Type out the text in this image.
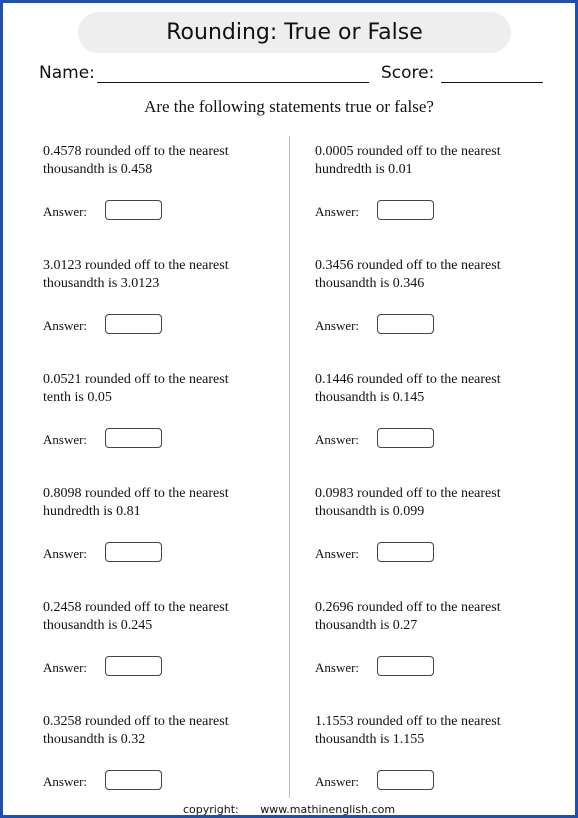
Rounding: True or False
Name:	Score:
Are the following statements true or false?
0.4578 rounded off to the nearest
thousandth is 0.458
Answer:
3.0123 rounded off to the nearest
thousandth is 3.0123
Answer:
0.0521 rounded off to the nearest
tenth is 0.05
Answer:
0.8098 rounded off to the nearest
hundredth is 0.81
Answer:
0.2458 rounded off to the nearest
thousandth is 0.245
Answer:
0.3258 rounded off to the nearest
thousandth is 0.32
Answer:
0.0005 rounded off to the nearest
hundredth is 0.01
Answer:
0.3456 rounded off to the nearest
thousandth is 0.346
Answer:
0.1446 rounded off to the nearest
thousandth is 0.145
Answer:
0.0983 rounded off to the nearest
thousandth is 0.099
Answer:
0.2696 rounded off to the nearest
thousandth is 0.27
Answer:
1.1553 rounded off to the nearest
thousandth is 1.155
Answer:
copyright: www.mathinenglish.com
